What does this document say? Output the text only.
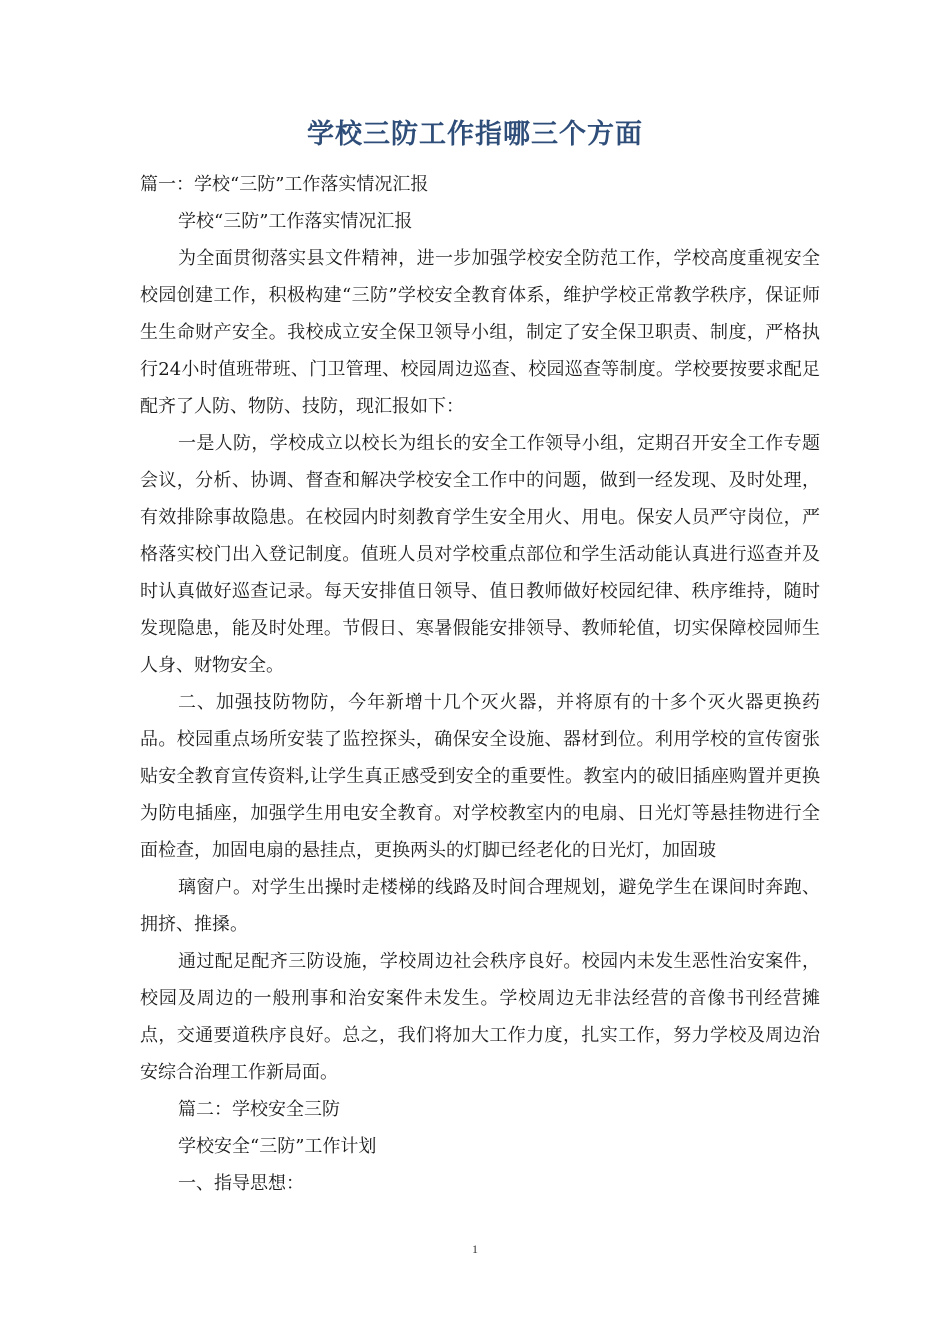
学校三防工作指哪三个方面

篇一：学校“三防”工作落实情况汇报

学校“三防”工作落实情况汇报

为全面贯彻落实县文件精神，进一步加强学校安全防范工作，学校高度重视安全校园创建工作，积极构建“三防”学校安全教育体系，维护学校正常教学秩序，保证师生生命财产安全。我校成立安全保卫领导小组，制定了安全保卫职责、制度，严格执行24小时值班带班、门卫管理、校园周边巡查、校园巡查等制度。学校要按要求配足配齐了人防、物防、技防，现汇报如下：

一是人防，学校成立以校长为组长的安全工作领导小组，定期召开安全工作专题会议，分析、协调、督查和解决学校安全工作中的问题，做到一经发现、及时处理，有效排除事故隐患。在校园内时刻教育学生安全用火、用电。保安人员严守岗位，严格落实校门出入登记制度。值班人员对学校重点部位和学生活动能认真进行巡查并及时认真做好巡查记录。每天安排值日领导、值日教师做好校园纪律、秩序维持，随时发现隐患，能及时处理。节假日、寒暑假能安排领导、教师轮值，切实保障校园师生人身、财物安全。

二、加强技防物防，今年新增十几个灭火器，并将原有的十多个灭火器更换药品。校园重点场所安装了监控探头，确保安全设施、器材到位。利用学校的宣传窗张贴安全教育宣传资料,让学生真正感受到安全的重要性。教室内的破旧插座购置并更换为防电插座，加强学生用电安全教育。对学校教室内的电扇、日光灯等悬挂物进行全面检查，加固电扇的悬挂点，更换两头的灯脚已经老化的日光灯，加固玻

璃窗户。对学生出操时走楼梯的线路及时间合理规划，避免学生在课间时奔跑、拥挤、推搡。

通过配足配齐三防设施，学校周边社会秩序良好。校园内未发生恶性治安案件，校园及周边的一般刑事和治安案件未发生。学校周边无非法经营的音像书刊经营摊点，交通要道秩序良好。总之，我们将加大工作力度，扎实工作，努力学校及周边治安综合治理工作新局面。

篇二：学校安全三防

学校安全“三防”工作计划

一、指导思想：

1
